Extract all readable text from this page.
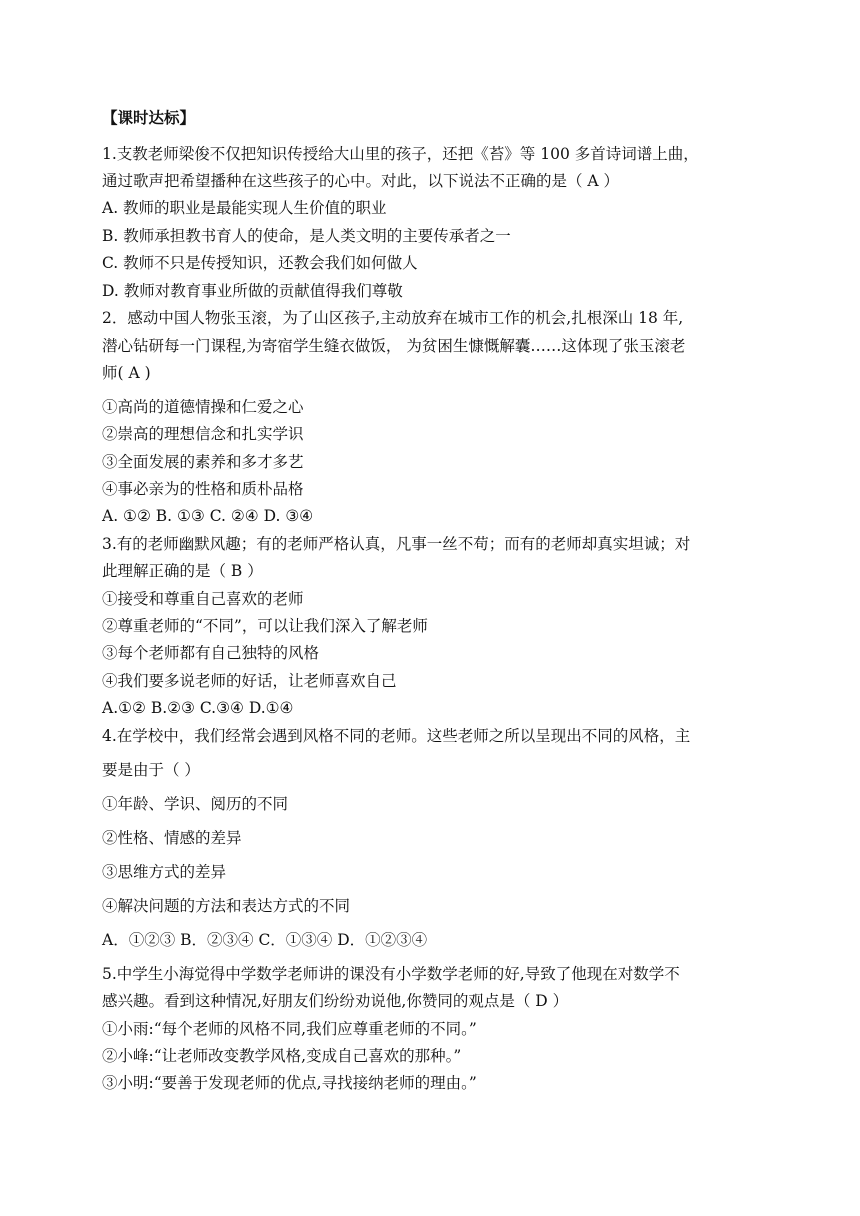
【课时达标】
1.支教老师梁俊不仅把知识传授给大山里的孩子，还把《苔》等 100 多首诗词谱上曲，
通过歌声把希望播种在这些孩子的心中。对此，以下说法不正确的是（ A ）
A. 教师的职业是最能实现人生价值的职业
B. 教师承担教书育人的使命，是人类文明的主要传承者之一
C. 教师不只是传授知识，还教会我们如何做人
D. 教师对教育事业所做的贡献值得我们尊敬
2．感动中国人物张玉滚，为了山区孩子,主动放弃在城市工作的机会,扎根深山 18 年,
潜心钻研每一门课程,为寄宿学生缝衣做饭， 为贫困生慷慨解囊……这体现了张玉滚老
师( A )
①高尚的道德情操和仁爱之心
②崇高的理想信念和扎实学识
③全面发展的素养和多才多艺
④事必亲为的性格和质朴品格
A. ①② B. ①③ C. ②④ D. ③④
3.有的老师幽默风趣；有的老师严格认真，凡事一丝不苟；而有的老师却真实坦诚；对
此理解正确的是（ B ）
①接受和尊重自己喜欢的老师
②尊重老师的“不同”，可以让我们深入了解老师
③每个老师都有自己独特的风格
④我们要多说老师的好话，让老师喜欢自己
A.①② B.②③ C.③④ D.①④
4.在学校中，我们经常会遇到风格不同的老师。这些老师之所以呈现出不同的风格，主
要是由于（ ）
①年龄、学识、阅历的不同
②性格、情感的差异
③思维方式的差异
④解决问题的方法和表达方式的不同
A．①②③ B．②③④ C．①③④ D．①②③④
5.中学生小海觉得中学数学老师讲的课没有小学数学老师的好,导致了他现在对数学不
感兴趣。看到这种情况,好朋友们纷纷劝说他,你赞同的观点是（ D ）
①小雨:“每个老师的风格不同,我们应尊重老师的不同。”
②小峰:“让老师改变教学风格,变成自己喜欢的那种。”
③小明:“要善于发现老师的优点,寻找接纳老师的理由。”
